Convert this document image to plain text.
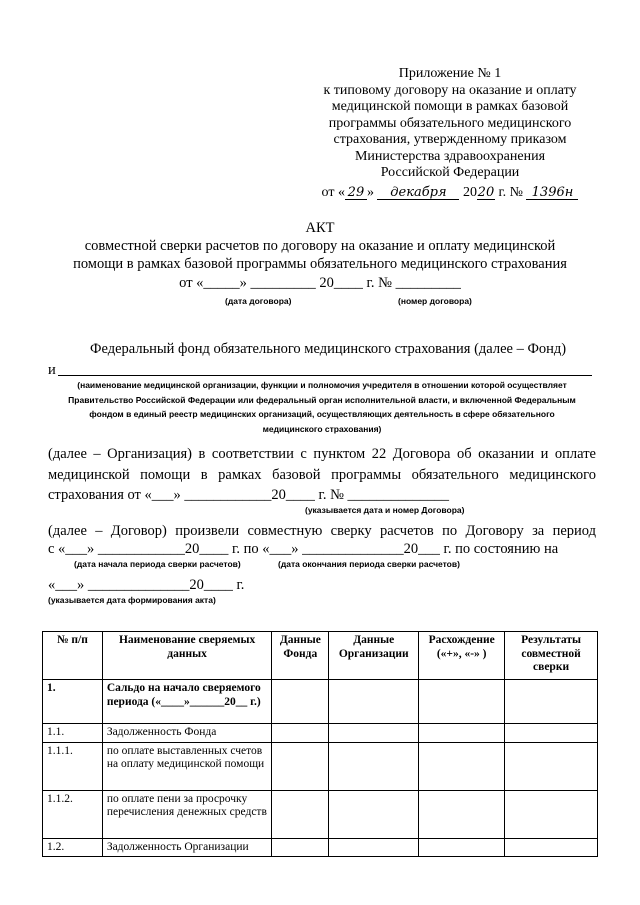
Приложение № 1
к типовому договору на оказание и оплату
медицинской помощи в рамках базовой
программы обязательного медицинского
страхования, утвержденному приказом
Министерства здравоохранения
Российской Федерации
от « 29 » декабря 2020 г. № 1396н
АКТ
совместной сверки расчетов по договору на оказание и оплату медицинской
помощи в рамках базовой программы обязательного медицинского страхования
от «_____» _________ 20____ г. № _________
(дата договора)	(номер договора)
Федеральный фонд обязательного медицинского страхования (далее – Фонд)
и
(наименование медицинской организации, функции и полномочия учредителя в отношении которой осуществляет
Правительство Российской Федерации или федеральный орган исполнительной власти, и включенной Федеральным
фондом в единый реестр медицинских организаций, осуществляющих деятельность в сфере обязательного
медицинского страхования)
(далее – Организация) в соответствии с пунктом 22 Договора об оказании и оплате
медицинской помощи в рамках базовой программы обязательного медицинского
страхования от «___» ____________20____ г. № ______________
(указывается дата и номер Договора)
(далее – Договор) произвели совместную сверку расчетов по Договору за период
с «___» ____________20____ г. по «___» ______________20___ г. по состоянию на
(дата начала периода сверки расчетов)	(дата окончания периода сверки расчетов)
«___» ______________20____ г.
(указывается дата формирования акта)
№ п/п	Наименование сверяемых данных	Данные Фонда	Данные Организации	Расхождение («+», «-» )	Результаты совместной сверки
1.	Сальдо на начало сверяемого периода («____»______20__ г.)				
1.1.	Задолженность Фонда				
1.1.1.	по оплате выставленных счетов на оплату медицинской помощи				
1.1.2.	по оплате пени за просрочку перечисления денежных средств				
1.2.	Задолженность Организации				
